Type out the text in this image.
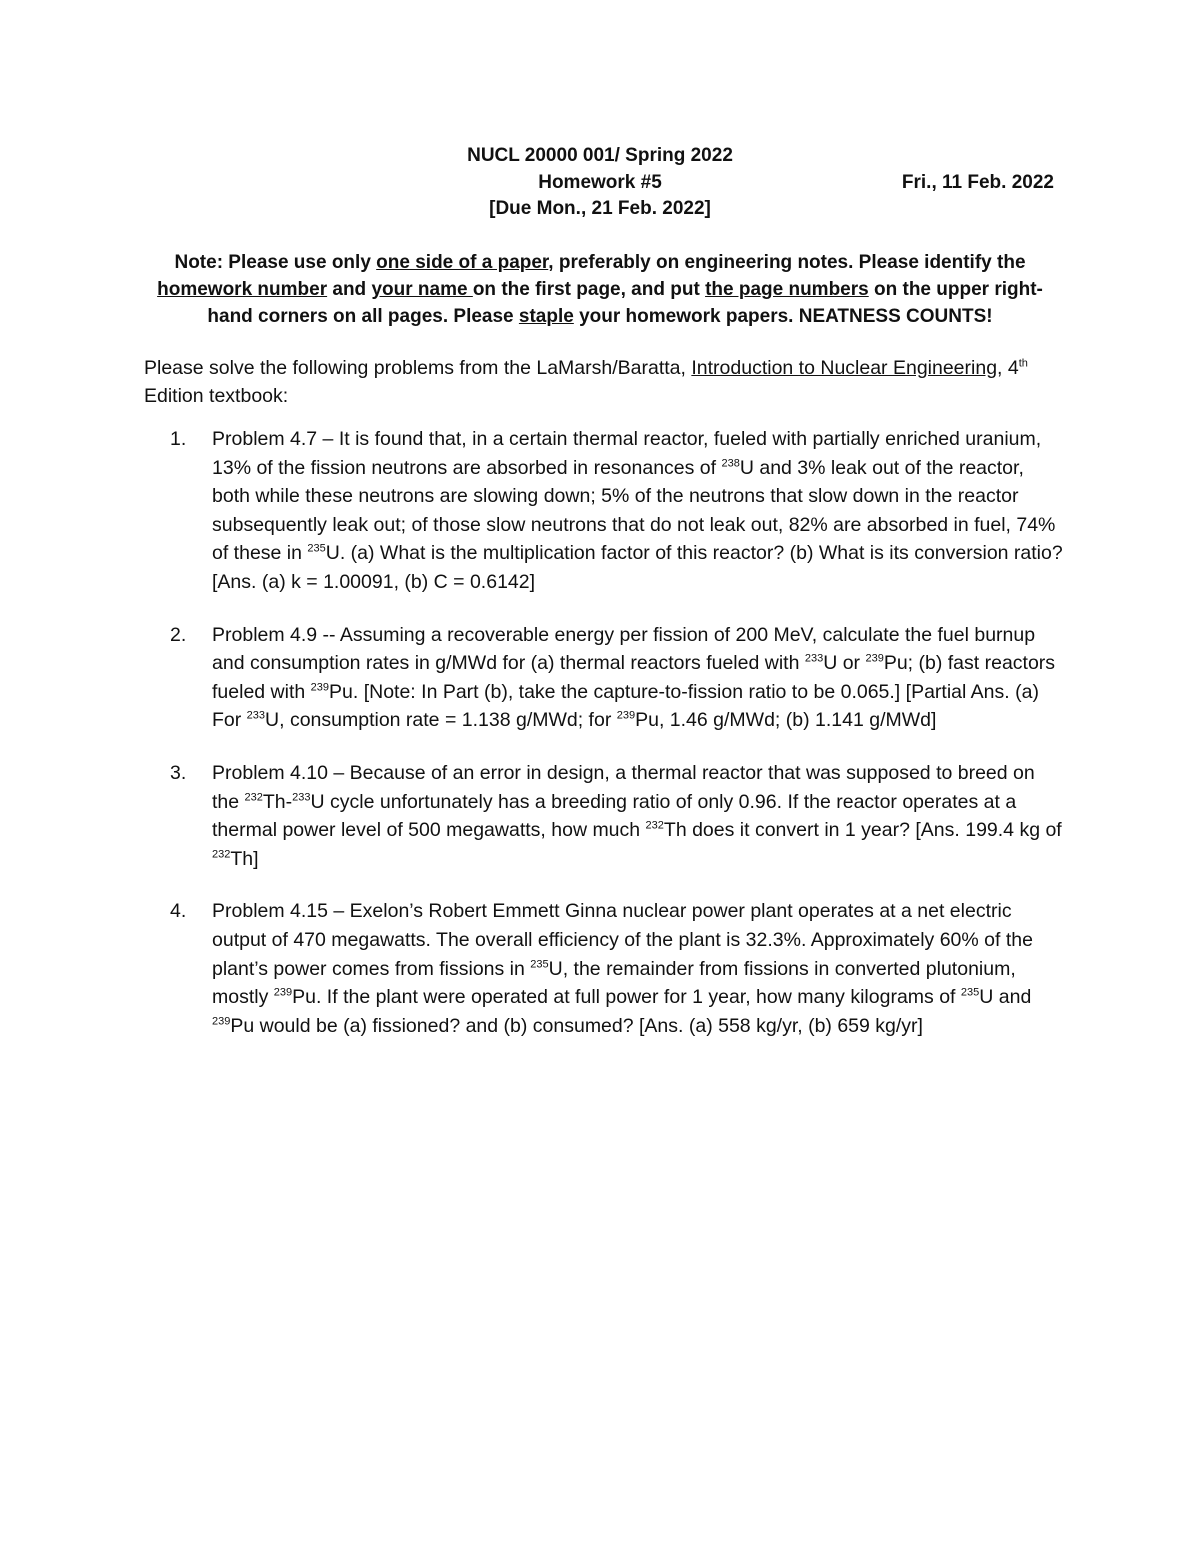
NUCL 20000 001/ Spring 2022
Homework #5	Fri., 11 Feb. 2022
[Due Mon., 21 Feb. 2022]
Note: Please use only one side of a paper, preferably on engineering notes. Please identify the homework number and your name on the first page, and put the page numbers on the upper right-hand corners on all pages. Please staple your homework papers. NEATNESS COUNTS!
Please solve the following problems from the LaMarsh/Baratta, Introduction to Nuclear Engineering, 4th Edition textbook:
1. Problem 4.7 – It is found that, in a certain thermal reactor, fueled with partially enriched uranium, 13% of the fission neutrons are absorbed in resonances of $^{238}$U and 3% leak out of the reactor, both while these neutrons are slowing down; 5% of the neutrons that slow down in the reactor subsequently leak out; of those slow neutrons that do not leak out, 82% are absorbed in fuel, 74% of these in $^{235}$U. (a) What is the multiplication factor of this reactor? (b) What is its conversion ratio? [Ans. (a) k = 1.00091, (b) C = 0.6142]
2. Problem 4.9 -- Assuming a recoverable energy per fission of 200 MeV, calculate the fuel burnup and consumption rates in g/MWd for (a) thermal reactors fueled with $^{233}$U or $^{239}$Pu; (b) fast reactors fueled with $^{239}$Pu. [Note: In Part (b), take the capture-to-fission ratio to be 0.065.] [Partial Ans. (a) For $^{233}$U, consumption rate = 1.138 g/MWd; for $^{239}$Pu, 1.46 g/MWd; (b) 1.141 g/MWd]
3. Problem 4.10 – Because of an error in design, a thermal reactor that was supposed to breed on the $^{232}$Th-$^{233}$U cycle unfortunately has a breeding ratio of only 0.96. If the reactor operates at a thermal power level of 500 megawatts, how much $^{232}$Th does it convert in 1 year? [Ans. 199.4 kg of $^{232}$Th]
4. Problem 4.15 – Exelon’s Robert Emmett Ginna nuclear power plant operates at a net electric output of 470 megawatts. The overall efficiency of the plant is 32.3%. Approximately 60% of the plant’s power comes from fissions in $^{235}$U, the remainder from fissions in converted plutonium, mostly $^{239}$Pu. If the plant were operated at full power for 1 year, how many kilograms of $^{235}$U and $^{239}$Pu would be (a) fissioned? and (b) consumed? [Ans. (a) 558 kg/yr, (b) 659 kg/yr]
